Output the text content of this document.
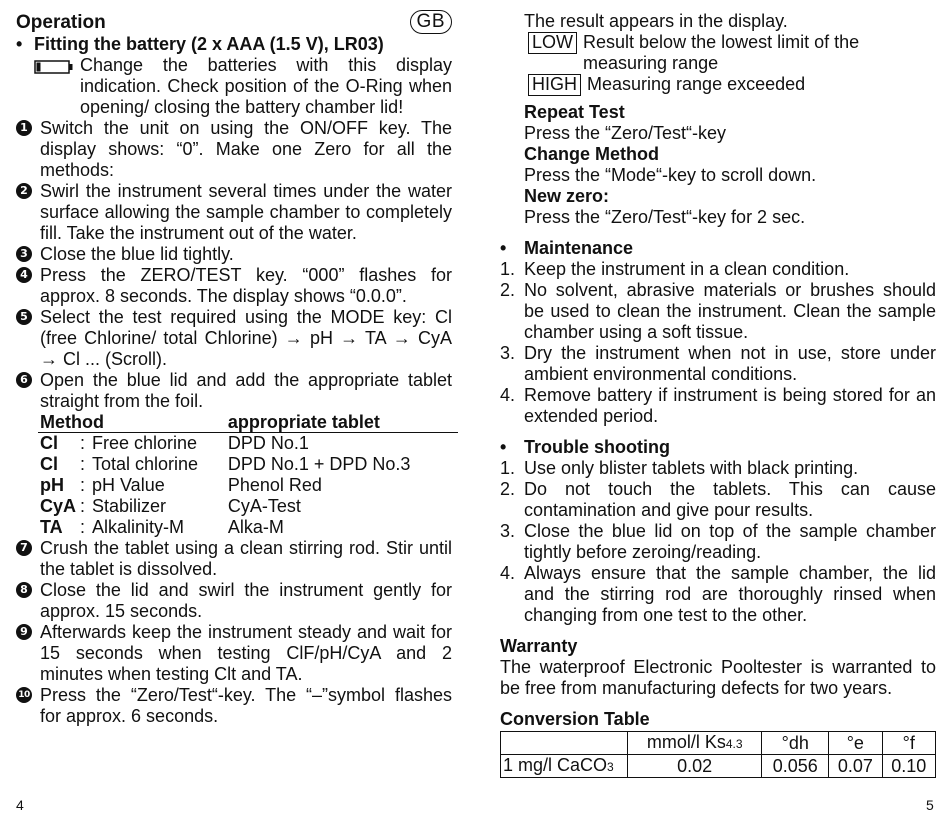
Operation	GB
• Fitting the battery (2 x AAA (1.5 V), LR03)
Change the batteries with this display indication. Check position of the O-Ring when opening/ closing the battery chamber lid!
1 Switch the unit on using the ON/OFF key. The display shows: “0”. Make one Zero for all the methods:
2 Swirl the instrument several times under the water surface allowing the sample chamber to completely fill. Take the instrument out of the water.
3 Close the blue lid tightly.
4 Press the ZERO/TEST key. “000” flashes for approx. 8 seconds. The display shows “0.0.0”.
5 Select the test required using the MODE key: Cl (free Chlorine/ total Chlorine) → pH → TA → CyA → Cl ... (Scroll).
6 Open the blue lid and add the appropriate tablet straight from the foil.
Method			appropriate tablet
Cl	:	Free chlorine	DPD No.1
Cl	:	Total chlorine	DPD No.1 + DPD No.3
pH	:	pH Value	Phenol Red
CyA	:	Stabilizer	CyA-Test
TA	:	Alkalinity-M	Alka-M
7 Crush the tablet using a clean stirring rod. Stir until the tablet is dissolved.
8 Close the lid and swirl the instrument gently for approx. 15 seconds.
9 Afterwards keep the instrument steady and wait for 15 seconds when testing ClF/pH/CyA and 2 minutes when testing Clt and TA.
10 Press the “Zero/Test“-key. The “–”symbol flashes for approx. 6 seconds.
The result appears in the display.
LOW Result below the lowest limit of the measuring range
HIGH Measuring range exceeded
Repeat Test
Press the “Zero/Test“-key
Change Method
Press the “Mode“-key to scroll down.
New zero:
Press the “Zero/Test“-key for 2 sec.
• Maintenance
1. Keep the instrument in a clean condition.
2. No solvent, abrasive materials or brushes should be used to clean the instrument. Clean the sample chamber using a soft tissue.
3. Dry the instrument when not in use, store under ambient environmental conditions.
4. Remove battery if instrument is being stored for an extended period.
• Trouble shooting
1. Use only blister tablets with black printing.
2. Do not touch the tablets. This can cause contamination and give pour results.
3. Close the blue lid on top of the sample chamber tightly before zeroing/reading.
4. Always ensure that the sample chamber, the lid and the stirring rod are thoroughly rinsed when changing from one test to the other.
Warranty
The waterproof Electronic Pooltester is warranted to be free from manufacturing defects for two years.
Conversion Table
	mmol/l Ks4.3	°dh	°e	°f
1 mg/l CaCO3	0.02	0.056	0.07	0.10
4	5
